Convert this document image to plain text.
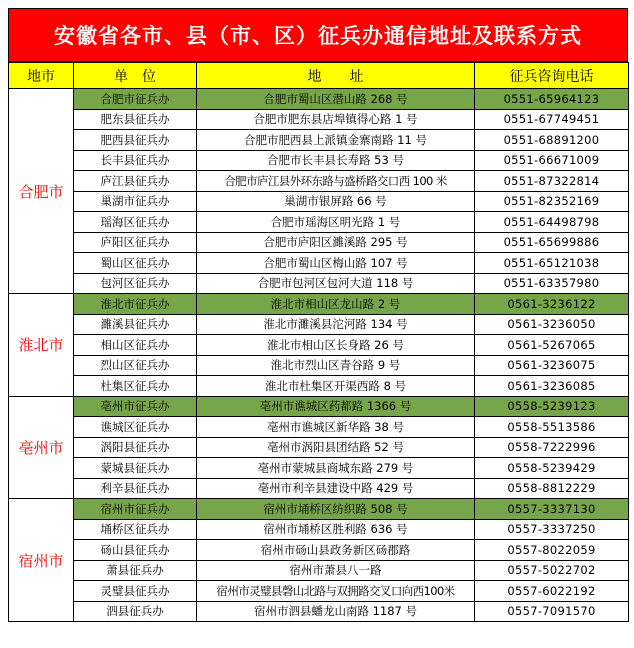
安徽省各市、县（市、区）征兵办通信地址及联系方式
地市	单　位	地　　址	征兵咨询电话
合肥市	合肥市征兵办	合肥市蜀山区潜山路 268 号	0551-65964123
	肥东县征兵办	合肥市肥东县店埠镇得心路 1 号	0551-67749451
	肥西县征兵办	合肥市肥西县上派镇金寨南路 11 号	0551-68891200
	长丰县征兵办	合肥市长丰县长寿路 53 号	0551-66671009
	庐江县征兵办	合肥市庐江县外环东路与盛桥路交口西 100 米	0551-87322814
	巢湖市征兵办	巢湖市银屏路 66 号	0551-82352169
	瑶海区征兵办	合肥市瑶海区明光路 1 号	0551-64498798
	庐阳区征兵办	合肥市庐阳区濉溪路 295 号	0551-65699886
	蜀山区征兵办	合肥市蜀山区梅山路 107 号	0551-65121038
	包河区征兵办	合肥市包河区包河大道 118 号	0551-63357980
淮北市	淮北市征兵办	淮北市相山区龙山路 2 号	0561-3236122
	濉溪县征兵办	淮北市濉溪县沱河路 134 号	0561-3236050
	相山区征兵办	淮北市相山区长身路 26 号	0561-5267065
	烈山区征兵办	淮北市烈山区青谷路 9 号	0561-3236075
	杜集区征兵办	淮北市杜集区开渠西路 8 号	0561-3236085
亳州市	亳州市征兵办	亳州市谯城区药都路 1366 号	0558-5239123
	谯城区征兵办	亳州市谯城区新华路 38 号	0558-5513586
	涡阳县征兵办	亳州市涡阳县团结路 52 号	0558-7222996
	蒙城县征兵办	亳州市蒙城县商城东路 279 号	0558-5239429
	利辛县征兵办	亳州市利辛县建设中路 429 号	0558-8812229
宿州市	宿州市征兵办	宿州市埇桥区纺织路 508 号	0557-3337130
	埇桥区征兵办	宿州市埇桥区胜利路 636 号	0557-3337250
	砀山县征兵办	宿州市砀山县政务新区砀郡路	0557-8022059
	萧县征兵办	宿州市萧县八一路	0557-5022702
	灵璧县征兵办	宿州市灵璧县磬山北路与双拥路交叉口向西100米	0557-6022192
	泗县征兵办	宿州市泗县蟠龙山南路 1187 号	0557-7091570
